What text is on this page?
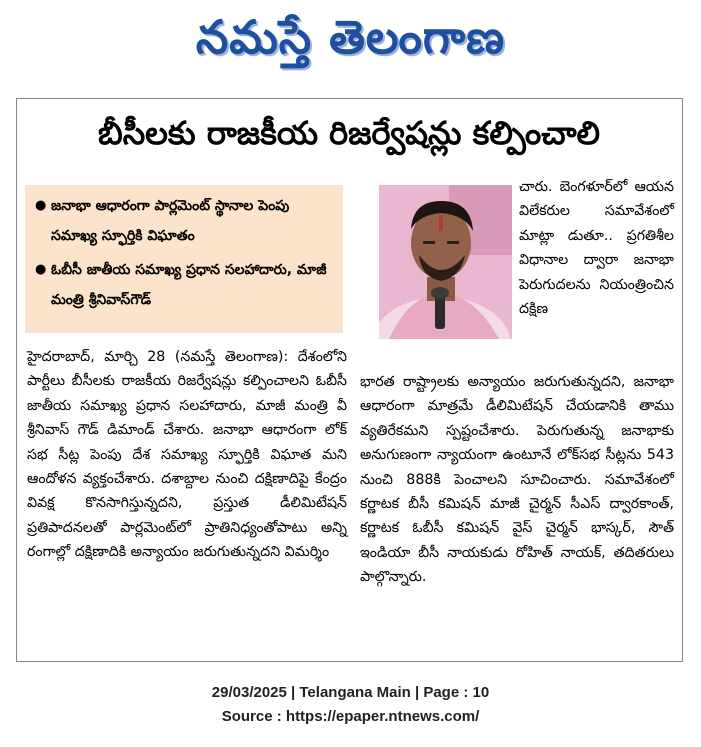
నమస్తే తెలంగాణ
బీసీలకు రాజకీయ రిజర్వేషన్లు కల్పించాలి
● జనాభా ఆధారంగా పార్లమెంట్ స్థానాల పెంపు సమాఖ్య స్ఫూర్తికి విఘాతం
● ఓబీసీ జాతీయ సమాఖ్య ప్రధాన సలహాదారు, మాజీ మంత్రి శ్రీనివాస్‌గౌడ్
హైదరాబాద్, మార్చి 28 (నమస్తే తెలంగాణ): దేశంలోని పార్టీలు బీసీలకు రాజకీయ రిజర్వేషన్లు కల్పించాలని ఓబీసీ జాతీయ సమాఖ్య ప్రధాన సలహాదారు, మాజీ మంత్రి వీ శ్రీనివాస్ గౌడ్ డిమాండ్ చేశారు. జనాభా ఆధారంగా లోక్ సభ సీట్ల పెంపు దేశ సమాఖ్య స్ఫూర్తికి విఘాత మని ఆందోళన వ్యక్తంచేశారు. దశాబ్దాల నుంచి దక్షిణాదిపై కేంద్రం వివక్ష కొనసాగిస్తున్నదని, ప్రస్తుత డీలిమిటేషన్ ప్రతిపాదనలతో పార్లమెంట్‌లో ప్రాతినిధ్యంతోపాటు అన్ని రంగాల్లో దక్షిణాదికి అన్యాయం జరుగుతున్నదని విమర్శిం
చారు. బెంగళూర్‌లో ఆయన విలేకరుల సమావేశంలో మాట్లా డుతూ.. ప్రగతిశీల విధానాల ద్వారా జనాభా పెరుగుదలను నియంత్రించిన దక్షిణ
భారత రాష్ట్రాలకు అన్యాయం జరుగుతున్నదని, జనాభా ఆధారంగా మాత్రమే డీలిమిటేషన్ చేయడానికి తాము వ్యతిరేకమని స్పష్టంచేశారు. పెరుగుతున్న జనాభాకు అనుగుణంగా న్యాయంగా ఉంటూనే లోక్‌సభ సీట్లను 543 నుంచి 888కి పెంచాలని సూచించారు. సమావేశంలో కర్ణాటక బీసీ కమిషన్ మాజీ చైర్మన్ సీఎస్ ద్వారకాంత్, కర్ణాటక ఓబీసీ కమిషన్ వైస్ చైర్మన్ భాస్కర్, సౌత్ ఇండియా బీసీ నాయకుడు రోహిత్ నాయక్, తదితరులు పాల్గొన్నారు.
29/03/2025 | Telangana Main | Page : 10
Source : https://epaper.ntnews.com/
